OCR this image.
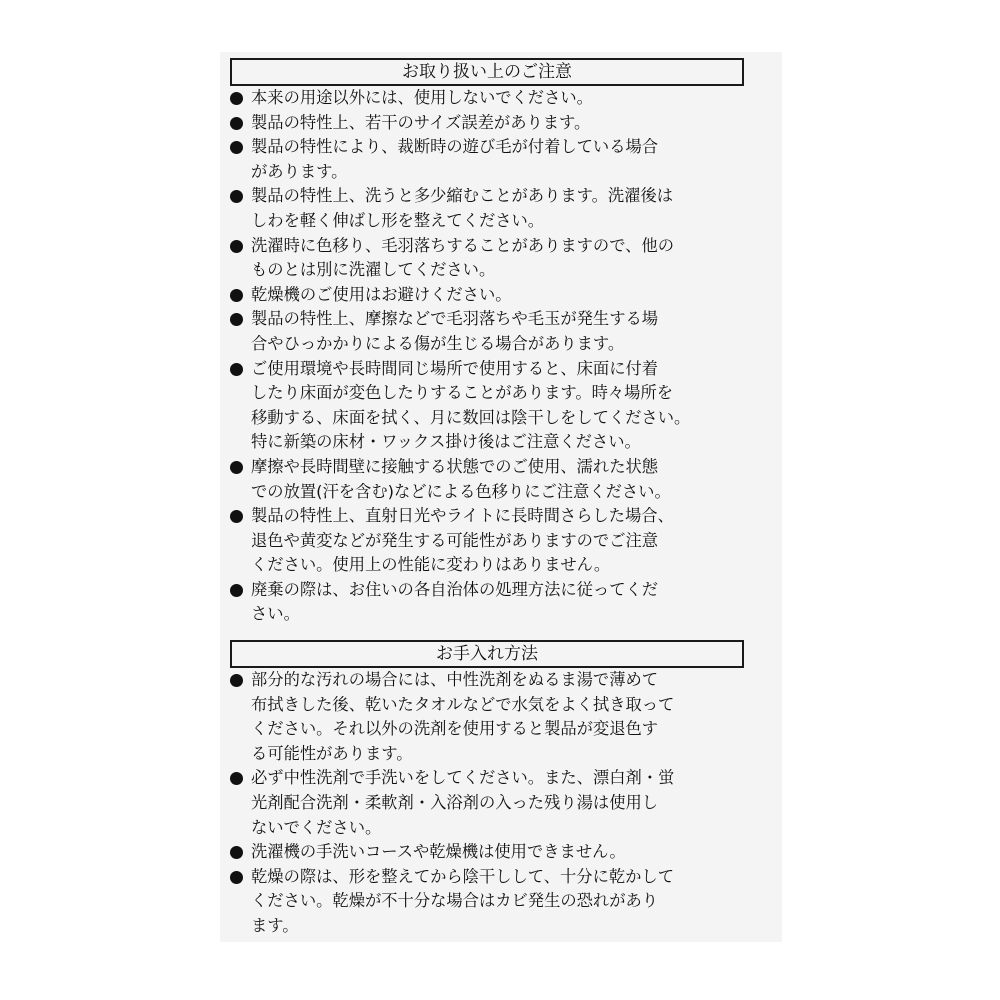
お取り扱い上のご注意
本来の用途以外には、使用しないでください。
製品の特性上、若干のサイズ誤差があります。
製品の特性により、裁断時の遊び毛が付着している場合
があります。
製品の特性上、洗うと多少縮むことがあります。洗濯後は
しわを軽く伸ばし形を整えてください。
洗濯時に色移り、毛羽落ちすることがありますので、他の
ものとは別に洗濯してください。
乾燥機のご使用はお避けください。
製品の特性上、摩擦などで毛羽落ちや毛玉が発生する場
合やひっかかりによる傷が生じる場合があります。
ご使用環境や長時間同じ場所で使用すると、床面に付着
したり床面が変色したりすることがあります。時々場所を
移動する、床面を拭く、月に数回は陰干しをしてください。
特に新築の床材・ワックス掛け後はご注意ください。
摩擦や長時間壁に接触する状態でのご使用、濡れた状態
での放置(汗を含む)などによる色移りにご注意ください。
製品の特性上、直射日光やライトに長時間さらした場合、
退色や黄変などが発生する可能性がありますのでご注意
ください。使用上の性能に変わりはありません。
廃棄の際は、お住いの各自治体の処理方法に従ってくだ
さい。
お手入れ方法
部分的な汚れの場合には、中性洗剤をぬるま湯で薄めて
布拭きした後、乾いたタオルなどで水気をよく拭き取って
ください。それ以外の洗剤を使用すると製品が変退色す
る可能性があります。
必ず中性洗剤で手洗いをしてください。また、漂白剤・蛍
光剤配合洗剤・柔軟剤・入浴剤の入った残り湯は使用し
ないでください。
洗濯機の手洗いコースや乾燥機は使用できません。
乾燥の際は、形を整えてから陰干しして、十分に乾かして
ください。乾燥が不十分な場合はカビ発生の恐れがあり
ます。
